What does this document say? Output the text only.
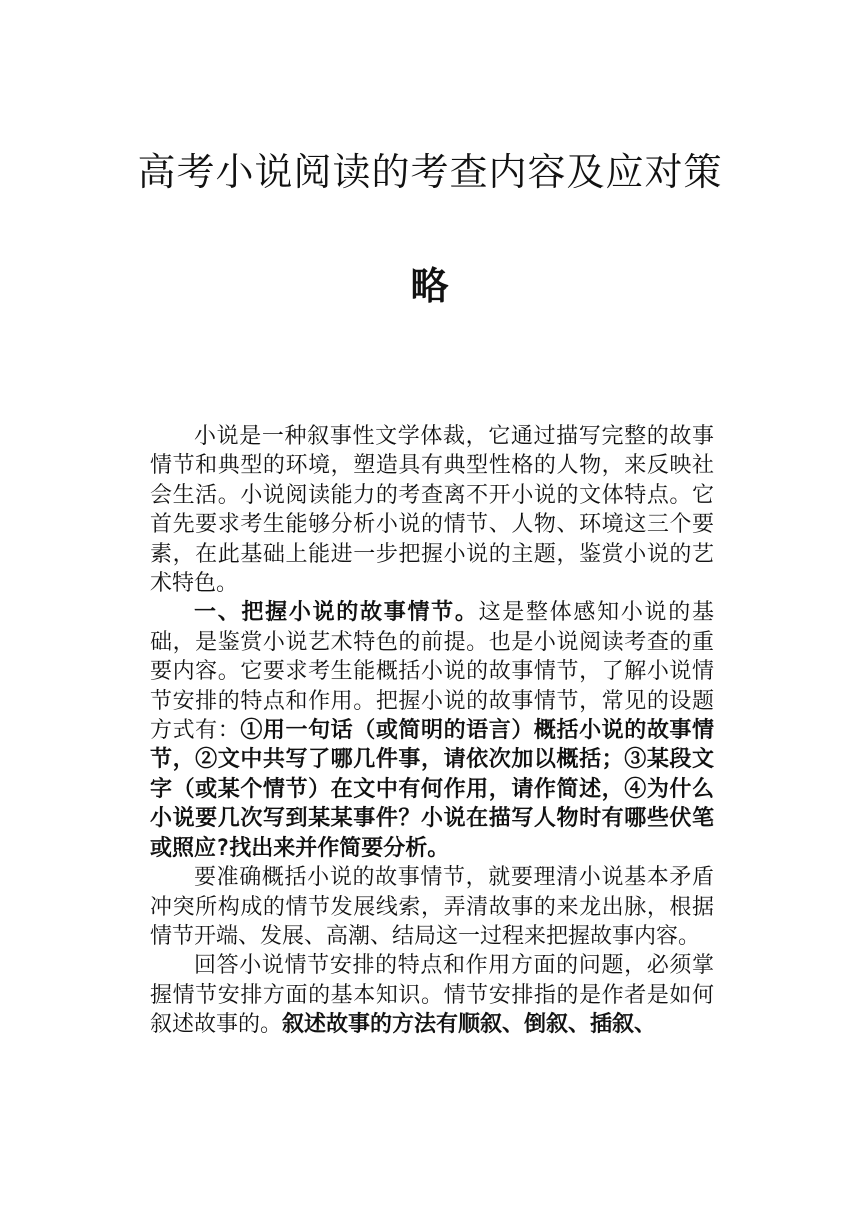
高考小说阅读的考查内容及应对策
略

小说是一种叙事性文学体裁，它通过描写完整的故事情节和典型的环境，塑造具有典型性格的人物，来反映社会生活。小说阅读能力的考查离不开小说的文体特点。它首先要求考生能够分析小说的情节、人物、环境这三个要素，在此基础上能进一步把握小说的主题，鉴赏小说的艺术特色。

一、把握小说的故事情节。这是整体感知小说的基础，是鉴赏小说艺术特色的前提。也是小说阅读考查的重要内容。它要求考生能概括小说的故事情节，了解小说情节安排的特点和作用。把握小说的故事情节，常见的设题方式有：①用一句话（或简明的语言）概括小说的故事情节，②文中共写了哪几件事，请依次加以概括；③某段文字（或某个情节）在文中有何作用，请作简述，④为什么小说要几次写到某某事件？小说在描写人物时有哪些伏笔或照应?找出来并作简要分析。

要准确概括小说的故事情节，就要理清小说基本矛盾冲突所构成的情节发展线索，弄清故事的来龙出脉，根据情节开端、发展、高潮、结局这一过程来把握故事内容。

回答小说情节安排的特点和作用方面的问题，必须掌握情节安排方面的基本知识。情节安排指的是作者是如何叙述故事的。叙述故事的方法有顺叙、倒叙、插叙、
